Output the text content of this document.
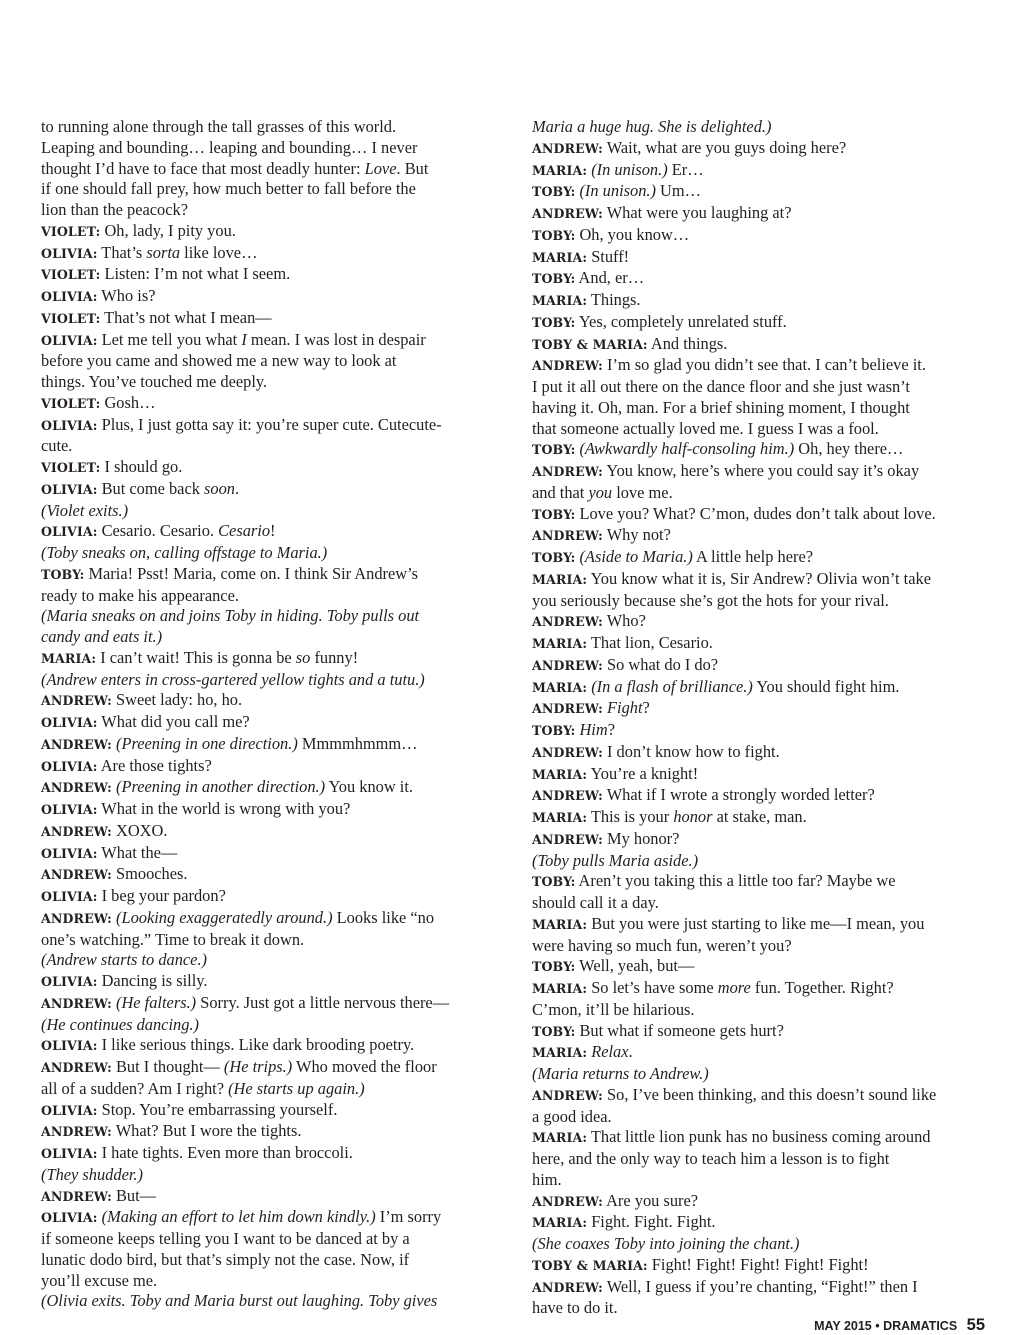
to running alone through the tall grasses of this world.
Leaping and bounding… leaping and bounding… I never
thought I’d have to face that most deadly hunter: Love. But
if one should fall prey, how much better to fall before the
lion than the peacock?
VIOLET: Oh, lady, I pity you.
OLIVIA: That’s sorta like love…
VIOLET: Listen: I’m not what I seem.
OLIVIA: Who is?
VIOLET: That’s not what I mean—
OLIVIA: Let me tell you what I mean. I was lost in despair
before you came and showed me a new way to look at
things. You’ve touched me deeply.
VIOLET: Gosh…
OLIVIA: Plus, I just gotta say it: you’re super cute. Cutecute-
cute.
VIOLET: I should go.
OLIVIA: But come back soon.
(Violet exits.)
OLIVIA: Cesario. Cesario. Cesario!
(Toby sneaks on, calling offstage to Maria.)
TOBY: Maria! Psst! Maria, come on. I think Sir Andrew’s
ready to make his appearance.
(Maria sneaks on and joins Toby in hiding. Toby pulls out
candy and eats it.)
MARIA: I can’t wait! This is gonna be so funny!
(Andrew enters in cross-gartered yellow tights and a tutu.)
ANDREW: Sweet lady: ho, ho.
OLIVIA: What did you call me?
ANDREW: (Preening in one direction.) Mmmmhmmm…
OLIVIA: Are those tights?
ANDREW: (Preening in another direction.) You know it.
OLIVIA: What in the world is wrong with you?
ANDREW: XOXO.
OLIVIA: What the—
ANDREW: Smooches.
OLIVIA: I beg your pardon?
ANDREW: (Looking exaggeratedly around.) Looks like “no
one’s watching.” Time to break it down.
(Andrew starts to dance.)
OLIVIA: Dancing is silly.
ANDREW: (He falters.) Sorry. Just got a little nervous there—
(He continues dancing.)
OLIVIA: I like serious things. Like dark brooding poetry.
ANDREW: But I thought— (He trips.) Who moved the floor
all of a sudden? Am I right? (He starts up again.)
OLIVIA: Stop. You’re embarrassing yourself.
ANDREW: What? But I wore the tights.
OLIVIA: I hate tights. Even more than broccoli.
(They shudder.)
ANDREW: But—
OLIVIA: (Making an effort to let him down kindly.) I’m sorry
if someone keeps telling you I want to be danced at by a
lunatic dodo bird, but that’s simply not the case. Now, if
you’ll excuse me.
(Olivia exits. Toby and Maria burst out laughing. Toby gives
Maria a huge hug. She is delighted.)
ANDREW: Wait, what are you guys doing here?
MARIA: (In unison.) Er…
TOBY: (In unison.) Um…
ANDREW: What were you laughing at?
TOBY: Oh, you know…
MARIA: Stuff!
TOBY: And, er…
MARIA: Things.
TOBY: Yes, completely unrelated stuff.
TOBY & MARIA: And things.
ANDREW: I’m so glad you didn’t see that. I can’t believe it.
I put it all out there on the dance floor and she just wasn’t
having it. Oh, man. For a brief shining moment, I thought
that someone actually loved me. I guess I was a fool.
TOBY: (Awkwardly half-consoling him.) Oh, hey there…
ANDREW: You know, here’s where you could say it’s okay
and that you love me.
TOBY: Love you? What? C’mon, dudes don’t talk about love.
ANDREW: Why not?
TOBY: (Aside to Maria.) A little help here?
MARIA: You know what it is, Sir Andrew? Olivia won’t take
you seriously because she’s got the hots for your rival.
ANDREW: Who?
MARIA: That lion, Cesario.
ANDREW: So what do I do?
MARIA: (In a flash of brilliance.) You should fight him.
ANDREW: Fight?
TOBY: Him?
ANDREW: I don’t know how to fight.
MARIA: You’re a knight!
ANDREW: What if I wrote a strongly worded letter?
MARIA: This is your honor at stake, man.
ANDREW: My honor?
(Toby pulls Maria aside.)
TOBY: Aren’t you taking this a little too far? Maybe we
should call it a day.
MARIA: But you were just starting to like me—I mean, you
were having so much fun, weren’t you?
TOBY: Well, yeah, but—
MARIA: So let’s have some more fun. Together. Right?
C’mon, it’ll be hilarious.
TOBY: But what if someone gets hurt?
MARIA: Relax.
(Maria returns to Andrew.)
ANDREW: So, I’ve been thinking, and this doesn’t sound like
a good idea.
MARIA: That little lion punk has no business coming around
here, and the only way to teach him a lesson is to fight
him.
ANDREW: Are you sure?
MARIA: Fight. Fight. Fight.
(She coaxes Toby into joining the chant.)
TOBY & MARIA: Fight! Fight! Fight! Fight! Fight!
ANDREW: Well, I guess if you’re chanting, “Fight!” then I
have to do it.
MAY 2015 • DRAMATICS 55
